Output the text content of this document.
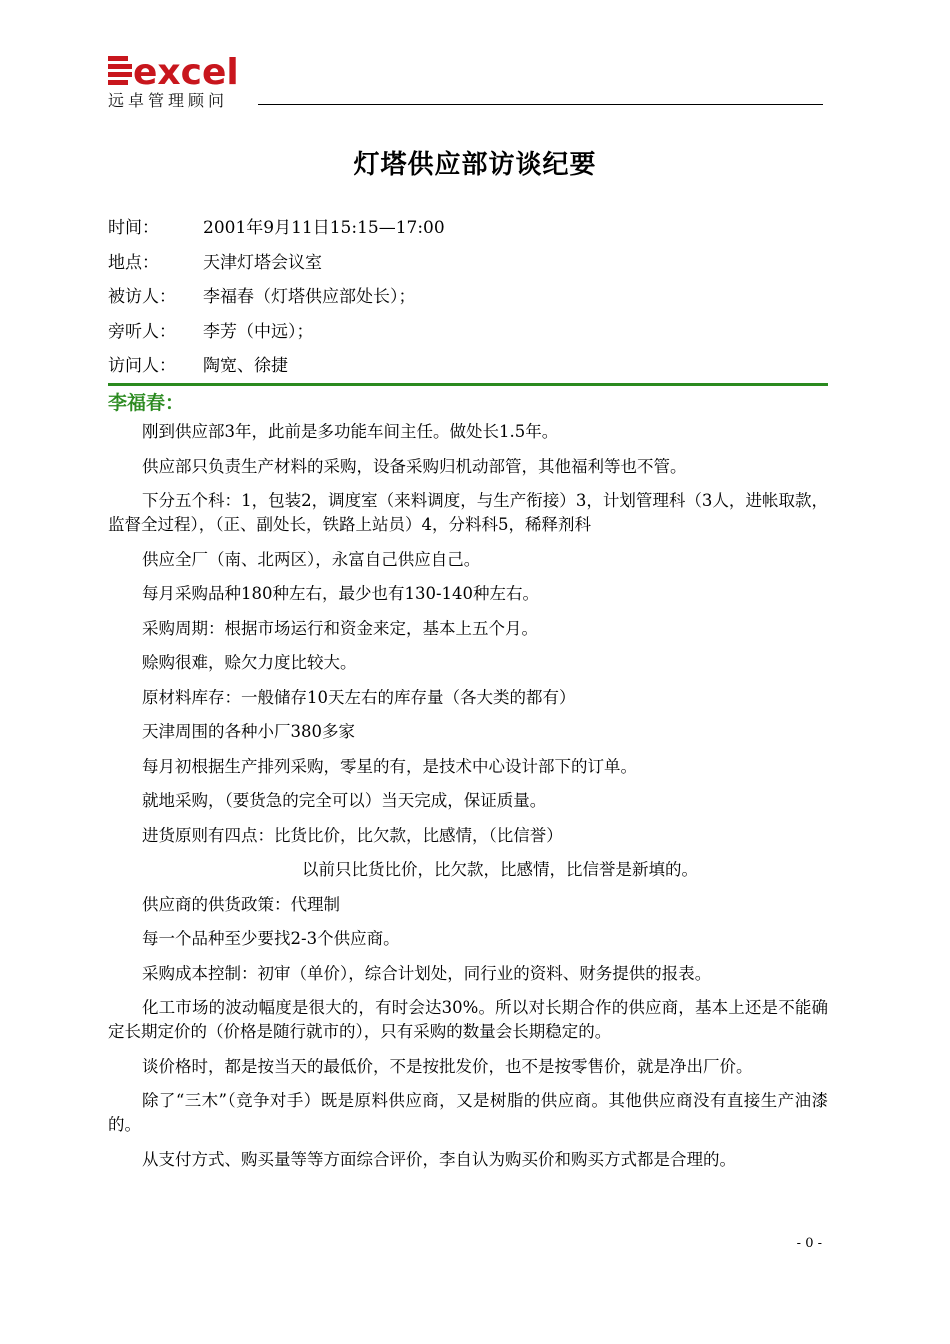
excel
远卓管理顾问
灯塔供应部访谈纪要
时间：	2001年9月11日15:15—17:00
地点：	天津灯塔会议室
被访人： 李福春（灯塔供应部处长）；
旁听人： 李芳（中远）；
访问人： 陶宽、徐捷
李福春：

刚到供应部3年，此前是多功能车间主任。做处长1.5年。

供应部只负责生产材料的采购，设备采购归机动部管，其他福利等也不管。

下分五个科：1，包装2，调度室（来料调度，与生产衔接）3，计划管理科（3人，进帐取款，监督全过程），（正、副处长，铁路上站员）4，分料科5，稀释剂科

供应全厂（南、北两区），永富自己供应自己。

每月采购品种180种左右，最少也有130-140种左右。

采购周期：根据市场运行和资金来定，基本上五个月。

赊购很难，赊欠力度比较大。

原材料库存：一般储存10天左右的库存量（各大类的都有）

天津周围的各种小厂380多家

每月初根据生产排列采购，零星的有，是技术中心设计部下的订单。

就地采购，（要货急的完全可以）当天完成，保证质量。

进货原则有四点：比货比价，比欠款，比感情，（比信誉）

以前只比货比价，比欠款，比感情，比信誉是新填的。

供应商的供货政策：代理制

每一个品种至少要找2-3个供应商。

采购成本控制：初审（单价），综合计划处，同行业的资料、财务提供的报表。

化工市场的波动幅度是很大的，有时会达30%。所以对长期合作的供应商，基本上还是不能确定长期定价的（价格是随行就市的），只有采购的数量会长期稳定的。

谈价格时，都是按当天的最低价，不是按批发价，也不是按零售价，就是净出厂价。

除了“三木”（竞争对手）既是原料供应商，又是树脂的供应商。其他供应商没有直接生产油漆的。

从支付方式、购买量等等方面综合评价，李自认为购买价和购买方式都是合理的。

- 0 -
